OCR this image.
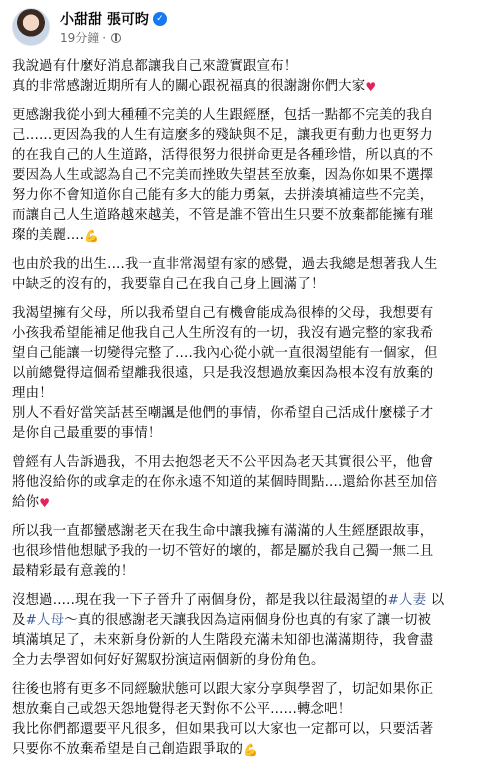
小甜甜 張可昀 ✓
19分鐘 ·
我說過有什麼好消息都讓我自己來證實跟宣布！
真的非常感謝近期所有人的關心跟祝福真的很謝謝你們大家♥
更感謝我從小到大種種不完美的人生跟經歷，包括一點都不完美的我自
己......更因為我的人生有這麼多的殘缺與不足，讓我更有動力也更努力
的在我自己的人生道路，活得很努力很拼命更是各種珍惜，所以真的不
要因為人生或認為自己不完美而挫敗失望甚至放棄，因為你如果不選擇
努力你不會知道你自己能有多大的能力勇氣，去拼湊填補這些不完美，
而讓自己人生道路越來越美，不管是誰不管出生只要不放棄都能擁有璀
璨的美麗....💪
也由於我的出生....我一直非常渴望有家的感覺，過去我總是想著我人生
中缺乏的沒有的，我要靠自己在我自己身上圓滿了！
我渴望擁有父母，所以我希望自己有機會能成為很棒的父母，我想要有
小孩我希望能補足他我自己人生所沒有的一切，我沒有過完整的家我希
望自己能讓一切變得完整了....我內心從小就一直很渴望能有一個家，但
以前總覺得這個希望離我很遠，只是我沒想過放棄因為根本沒有放棄的
理由！
別人不看好當笑話甚至嘲諷是他們的事情，你希望自己活成什麼樣子才
是你自己最重要的事情！
曾經有人告訴過我，不用去抱怨老天不公平因為老天其實很公平，他會
將他沒給你的或拿走的在你永遠不知道的某個時間點....還給你甚至加倍
給你♥
所以我一直都蠻感謝老天在我生命中讓我擁有滿滿的人生經歷跟故事，
也很珍惜他想賦予我的一切不管好的壞的，都是屬於我自己獨一無二且
最精彩最有意義的！
沒想過.....現在我一下子晉升了兩個身份，都是我以往最渴望的#人妻 以
及#人母～真的很感謝老天讓我因為這兩個身份也真的有家了讓一切被
填滿填足了，未來新身份新的人生階段充滿未知卻也滿滿期待，我會盡
全力去學習如何好好駕馭扮演這兩個新的身份角色。
往後也將有更多不同經驗狀態可以跟大家分享與學習了，切記如果你正
想放棄自己或怨天怨地覺得老天對你不公平......轉念吧！
我比你們都還要平凡很多，但如果我可以大家也一定都可以，只要活著
只要你不放棄希望是自己創造跟爭取的💪
